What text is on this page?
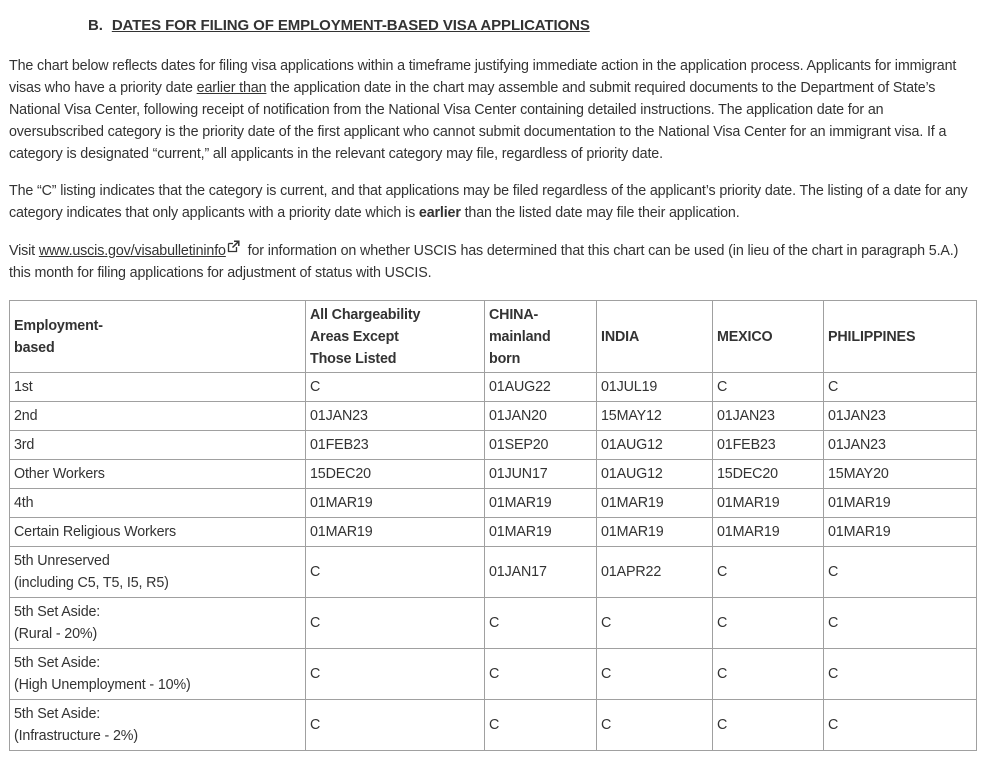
B. DATES FOR FILING OF EMPLOYMENT-BASED VISA APPLICATIONS

The chart below reflects dates for filing visa applications within a timeframe justifying immediate action in the application process. Applicants for immigrant visas who have a priority date earlier than the application date in the chart may assemble and submit required documents to the Department of State’s National Visa Center, following receipt of notification from the National Visa Center containing detailed instructions. The application date for an oversubscribed category is the priority date of the first applicant who cannot submit documentation to the National Visa Center for an immigrant visa. If a category is designated “current,” all applicants in the relevant category may file, regardless of priority date.

The “C” listing indicates that the category is current, and that applications may be filed regardless of the applicant’s priority date. The listing of a date for any category indicates that only applicants with a priority date which is earlier than the listed date may file their application.

Visit www.uscis.gov/visabulletininfo for information on whether USCIS has determined that this chart can be used (in lieu of the chart in paragraph 5.A.) this month for filing applications for adjustment of status with USCIS.

Employment-
based	All Chargeability
Areas Except
Those Listed	CHINA-
mainland
born	INDIA	MEXICO	PHILIPPINES
1st	C	01AUG22	01JUL19	C	C
2nd	01JAN23	01JAN20	15MAY12	01JAN23	01JAN23
3rd	01FEB23	01SEP20	01AUG12	01FEB23	01JAN23
Other Workers	15DEC20	01JUN17	01AUG12	15DEC20	15MAY20
4th	01MAR19	01MAR19	01MAR19	01MAR19	01MAR19
Certain Religious Workers	01MAR19	01MAR19	01MAR19	01MAR19	01MAR19
5th Unreserved
(including C5, T5, I5, R5)	C	01JAN17	01APR22	C	C
5th Set Aside:
(Rural - 20%)	C	C	C	C	C
5th Set Aside:
(High Unemployment - 10%)	C	C	C	C	C
5th Set Aside:
(Infrastructure - 2%)	C	C	C	C	C
